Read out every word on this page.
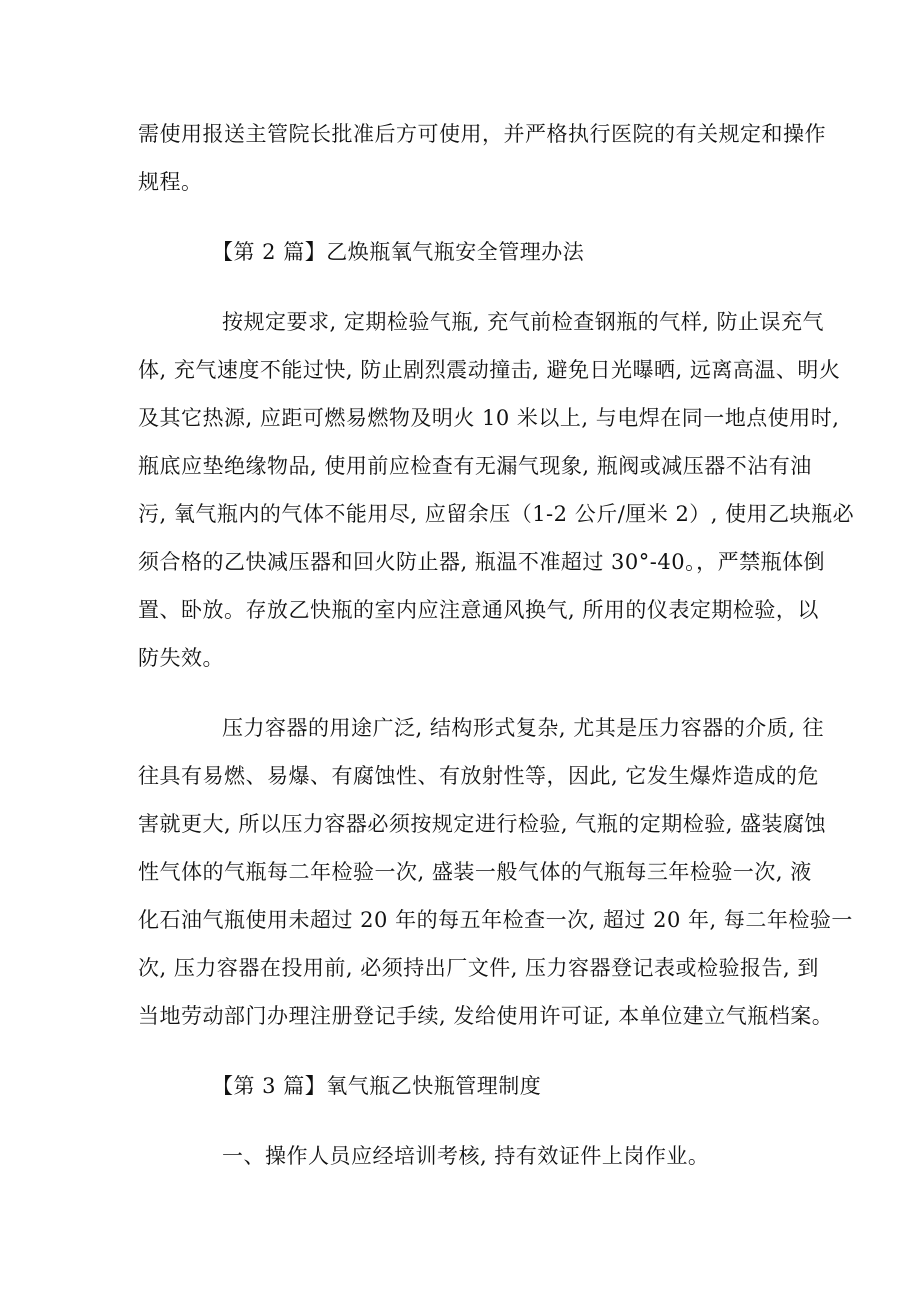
需使用报送主管院长批准后方可使用，并严格执行医院的有关规定和操作
规程。
【第 2 篇】乙焕瓶氧气瓶安全管理办法
按规定要求, 定期检验气瓶, 充气前检查钢瓶的气样, 防止误充气
体, 充气速度不能过快, 防止剧烈震动撞击, 避免日光曝晒, 远离高温、明火
及其它热源, 应距可燃易燃物及明火 10 米以上, 与电焊在同一地点使用时,
瓶底应垫绝缘物品, 使用前应检查有无漏气现象, 瓶阀或减压器不沾有油
污, 氧气瓶内的气体不能用尽, 应留余压（1-2 公斤/厘米 2）, 使用乙块瓶必
须合格的乙快减压器和回火防止器, 瓶温不准超过 30°-40。，严禁瓶体倒
置、卧放。存放乙快瓶的室内应注意通风换气, 所用的仪表定期检验，以
防失效。
压力容器的用途广泛, 结构形式复杂, 尤其是压力容器的介质, 往
往具有易燃、易爆、有腐蚀性、有放射性等，因此, 它发生爆炸造成的危
害就更大, 所以压力容器必须按规定进行检验, 气瓶的定期检验, 盛装腐蚀
性气体的气瓶每二年检验一次, 盛装一般气体的气瓶每三年检验一次, 液
化石油气瓶使用未超过 20 年的每五年检查一次, 超过 20 年, 每二年检验一
次, 压力容器在投用前, 必须持出厂文件, 压力容器登记表或检验报告, 到
当地劳动部门办理注册登记手续, 发给使用许可证, 本单位建立气瓶档案。
【第 3 篇】氧气瓶乙快瓶管理制度
一、操作人员应经培训考核, 持有效证件上岗作业。
